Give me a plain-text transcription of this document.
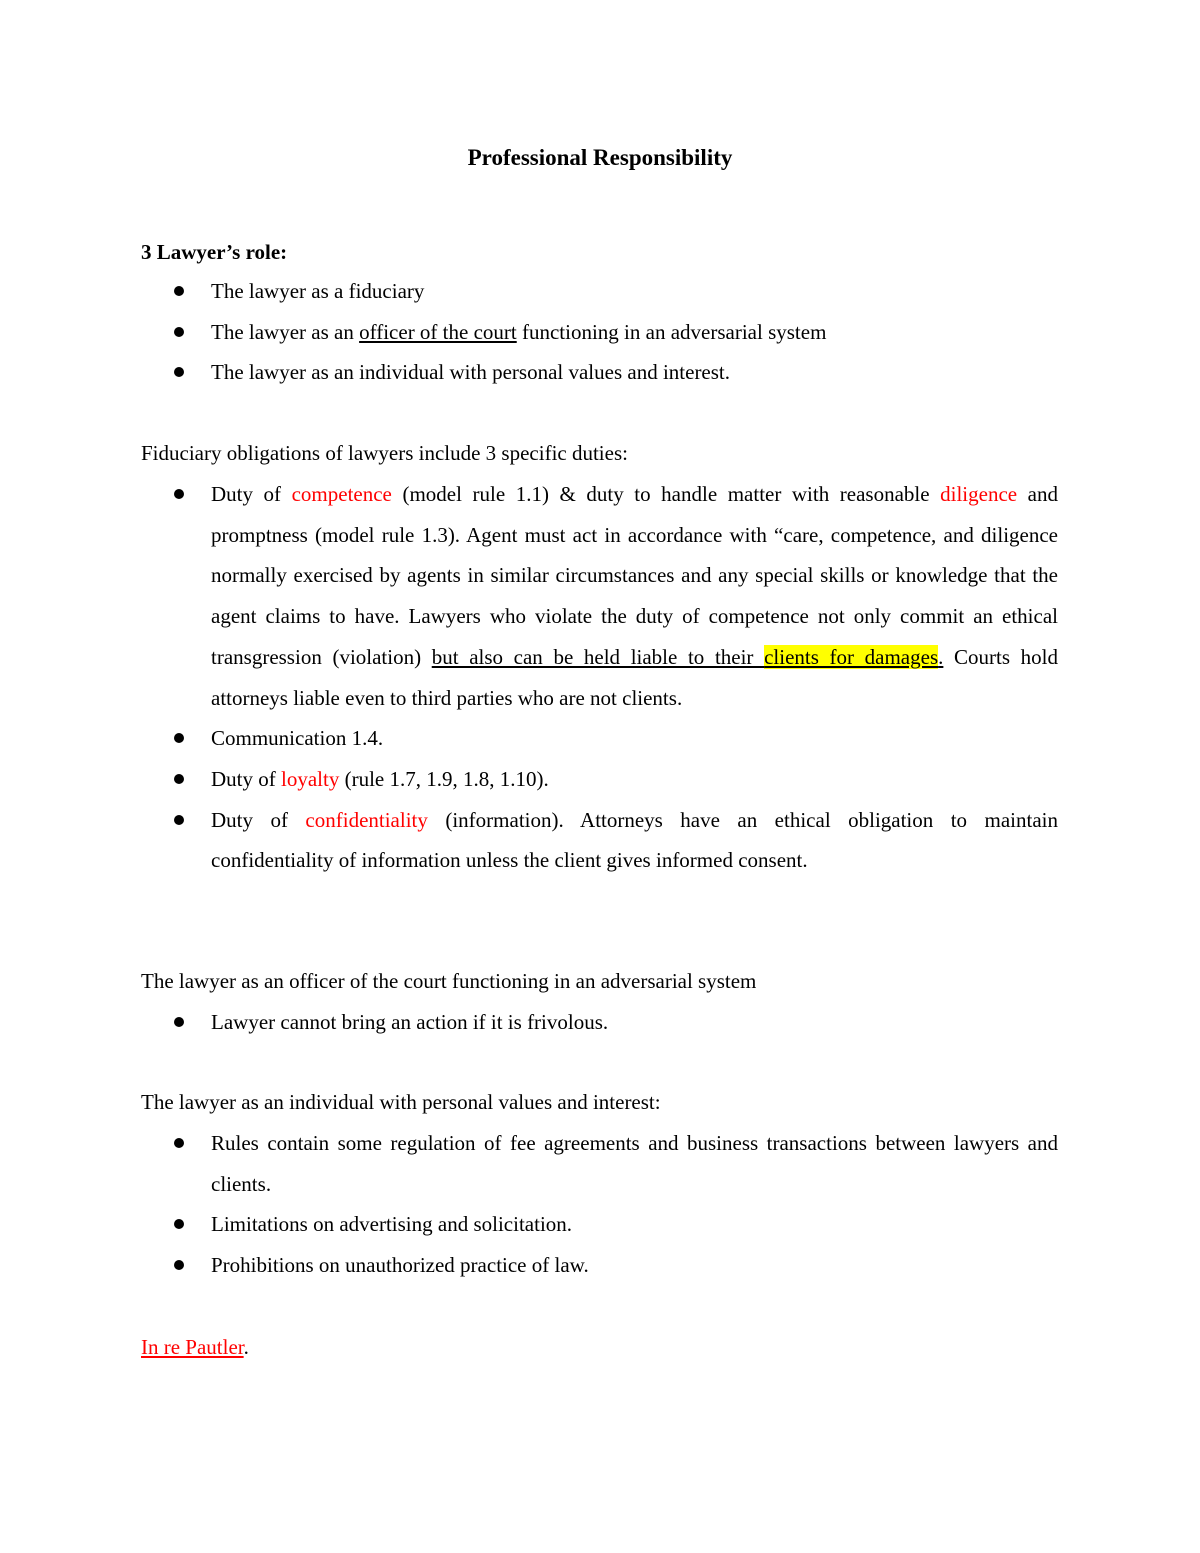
Professional Responsibility
3 Lawyer’s role:
The lawyer as a fiduciary
The lawyer as an officer of the court functioning in an adversarial system
The lawyer as an individual with personal values and interest.
Fiduciary obligations of lawyers include 3 specific duties:
Duty of competence (model rule 1.1) & duty to handle matter with reasonable diligence and promptness (model rule 1.3). Agent must act in accordance with “care, competence, and diligence normally exercised by agents in similar circumstances and any special skills or knowledge that the agent claims to have. Lawyers who violate the duty of competence not only commit an ethical transgression (violation) but also can be held liable to their clients for damages. Courts hold attorneys liable even to third parties who are not clients.
Communication 1.4.
Duty of loyalty (rule 1.7, 1.9, 1.8, 1.10).
Duty of confidentiality (information). Attorneys have an ethical obligation to maintain confidentiality of information unless the client gives informed consent.
The lawyer as an officer of the court functioning in an adversarial system
Lawyer cannot bring an action if it is frivolous.
The lawyer as an individual with personal values and interest:
Rules contain some regulation of fee agreements and business transactions between lawyers and clients.
Limitations on advertising and solicitation.
Prohibitions on unauthorized practice of law.
In re Pautler.
